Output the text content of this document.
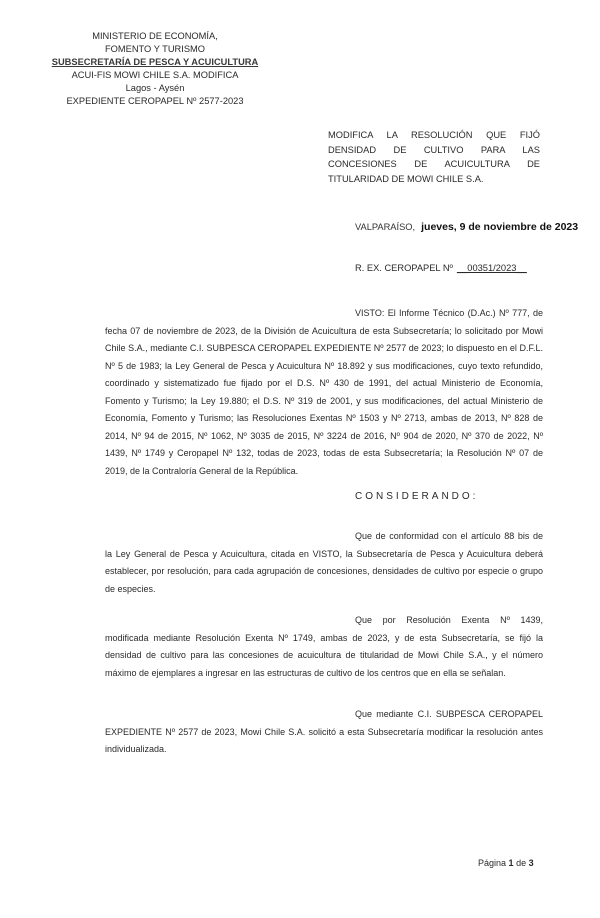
MINISTERIO DE ECONOMÍA,
FOMENTO Y TURISMO
SUBSECRETARÍA DE PESCA Y ACUICULTURA
ACUI-FIS MOWI CHILE S.A. MODIFICA
Lagos - Aysén
EXPEDIENTE CEROPAPEL Nº 2577-2023
MODIFICA LA RESOLUCIÓN QUE FIJÓ DENSIDAD DE CULTIVO PARA LAS CONCESIONES DE ACUICULTURA DE TITULARIDAD DE MOWI CHILE S.A.
VALPARAÍSO, jueves, 9 de noviembre de 2023
R. EX. CEROPAPEL Nº __00351/2023__
VISTO: El Informe Técnico (D.Ac.) Nº 777, de fecha 07 de noviembre de 2023, de la División de Acuicultura de esta Subsecretaría; lo solicitado por Mowi Chile S.A., mediante C.I. SUBPESCA CEROPAPEL EXPEDIENTE Nº 2577 de 2023; lo dispuesto en el D.F.L. Nº 5 de 1983; la Ley General de Pesca y Acuicultura Nº 18.892 y sus modificaciones, cuyo texto refundido, coordinado y sistematizado fue fijado por el D.S. Nº 430 de 1991, del actual Ministerio de Economía, Fomento y Turismo; la Ley 19.880; el D.S. Nº 319 de 2001, y sus modificaciones, del actual Ministerio de Economía, Fomento y Turismo; las Resoluciones Exentas Nº 1503 y Nº 2713, ambas de 2013, Nº 828 de 2014, Nº 94 de 2015, Nº 1062, Nº 3035 de 2015, Nº 3224 de 2016, Nº 904 de 2020, Nº 370 de 2022, Nº 1439, Nº 1749 y Ceropapel Nº 132, todas de 2023, todas de esta Subsecretaría; la Resolución Nº 07 de 2019, de la Contraloría General de la República.
CONSIDERANDO:
Que de conformidad con el artículo 88 bis de la Ley General de Pesca y Acuicultura, citada en VISTO, la Subsecretaría de Pesca y Acuicultura deberá establecer, por resolución, para cada agrupación de concesiones, densidades de cultivo por especie o grupo de especies.
Que por Resolución Exenta Nº 1439, modificada mediante Resolución Exenta Nº 1749, ambas de 2023, y de esta Subsecretaría, se fijó la densidad de cultivo para las concesiones de acuicultura de titularidad de Mowi Chile S.A., y el número máximo de ejemplares a ingresar en las estructuras de cultivo de los centros que en ella se señalan.
Que mediante C.I. SUBPESCA CEROPAPEL EXPEDIENTE Nº 2577 de 2023, Mowi Chile S.A. solicitó a esta Subsecretaría modificar la resolución antes individualizada.
Página 1 de 3
